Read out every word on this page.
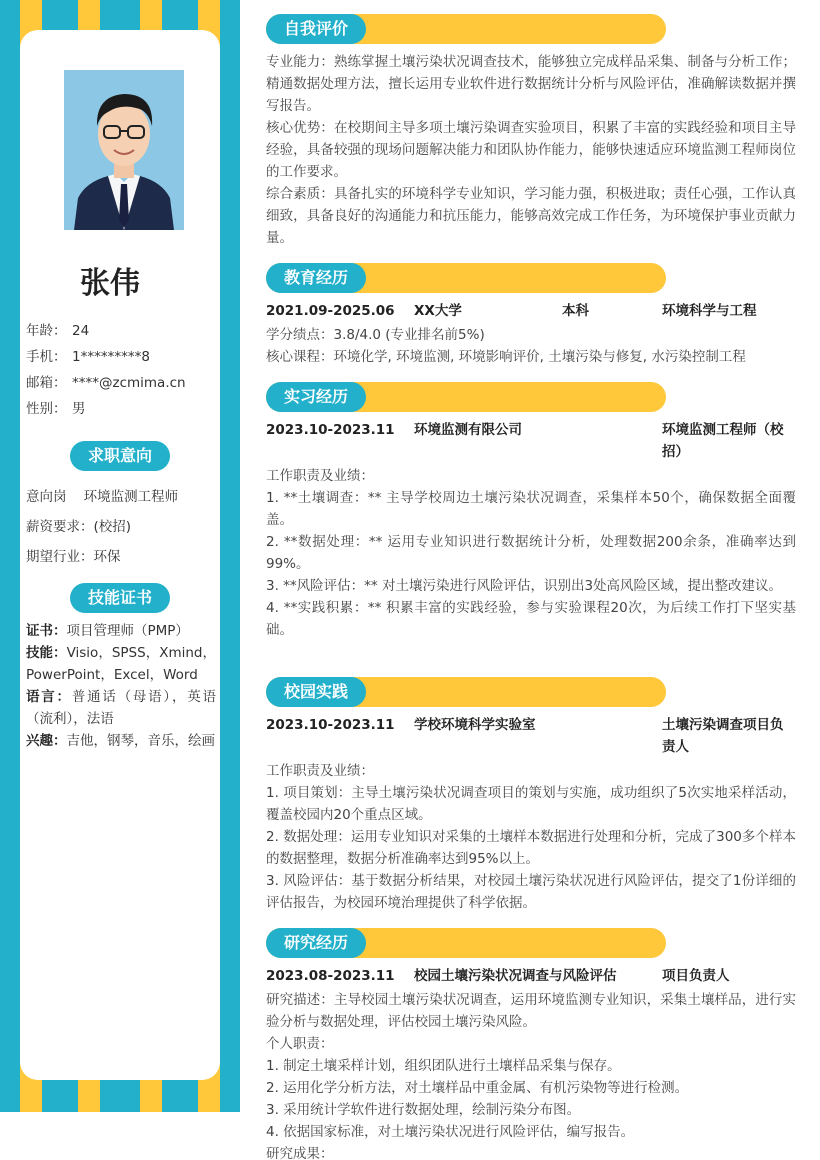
张伟
年龄： 24
手机： 1*********8
邮箱： ****@zcmima.cn
性别： 男
求职意向
意向岗 环境监测工程师
薪资要求：(校招)
期望行业：环保
技能证书

证书：项目管理师（PMP）

技能：Visio，SPSS，Xmind，PowerPoint，Excel，Word

语言：普通话（母语），英语（流利），法语

兴趣：吉他，钢琴，音乐，绘画

自我评价

专业能力：熟练掌握土壤污染状况调查技术，能够独立完成样品采集、制备与分析工作；精通数据处理方法，擅长运用专业软件进行数据统计分析与风险评估，准确解读数据并撰写报告。

核心优势：在校期间主导多项土壤污染调查实验项目，积累了丰富的实践经验和项目主导经验，具备较强的现场问题解决能力和团队协作能力，能够快速适应环境监测工程师岗位的工作要求。

综合素质：具备扎实的环境科学专业知识，学习能力强，积极进取；责任心强，工作认真细致，具备良好的沟通能力和抗压能力，能够高效完成工作任务，为环境保护事业贡献力量。

教育经历
2021.09-2025.06 XX大学	本科	环境科学与工程

学分绩点：3.8/4.0 (专业排名前5%)

核心课程：环境化学, 环境监测, 环境影响评价, 土壤污染与修复, 水污染控制工程

实习经历
2023.10-2023.11 环境监测有限公司	环境监测工程师（校招）

工作职责及业绩：

1. **土壤调查：** 主导学校周边土壤污染状况调查，采集样本50个，确保数据全面覆盖。

2. **数据处理：** 运用专业知识进行数据统计分析，处理数据200余条，准确率达到99%。

3. **风险评估：** 对土壤污染进行风险评估，识别出3处高风险区域，提出整改建议。

4. **实践积累：** 积累丰富的实践经验，参与实验课程20次，为后续工作打下坚实基础。

校园实践
2023.10-2023.11 学校环境科学实验室	土壤污染调查项目负责人

工作职责及业绩：

1. 项目策划：主导土壤污染状况调查项目的策划与实施，成功组织了5次实地采样活动，覆盖校园内20个重点区域。

2. 数据处理：运用专业知识对采集的土壤样本数据进行处理和分析，完成了300多个样本的数据整理，数据分析准确率达到95%以上。

3. 风险评估：基于数据分析结果，对校园土壤污染状况进行风险评估，提交了1份详细的评估报告，为校园环境治理提供了科学依据。

研究经历
2023.08-2023.11 校园土壤污染状况调查与风险评估	项目负责人

研究描述：主导校园土壤污染状况调查，运用环境监测专业知识，采集土壤样品，进行实验分析与数据处理，评估校园土壤污染风险。

个人职责：

1. 制定土壤采样计划，组织团队进行土壤样品采集与保存。

2. 运用化学分析方法，对土壤样品中重金属、有机污染物等进行检测。

3. 采用统计学软件进行数据处理，绘制污染分布图。

4. 依据国家标准，对土壤污染状况进行风险评估，编写报告。

研究成果：
